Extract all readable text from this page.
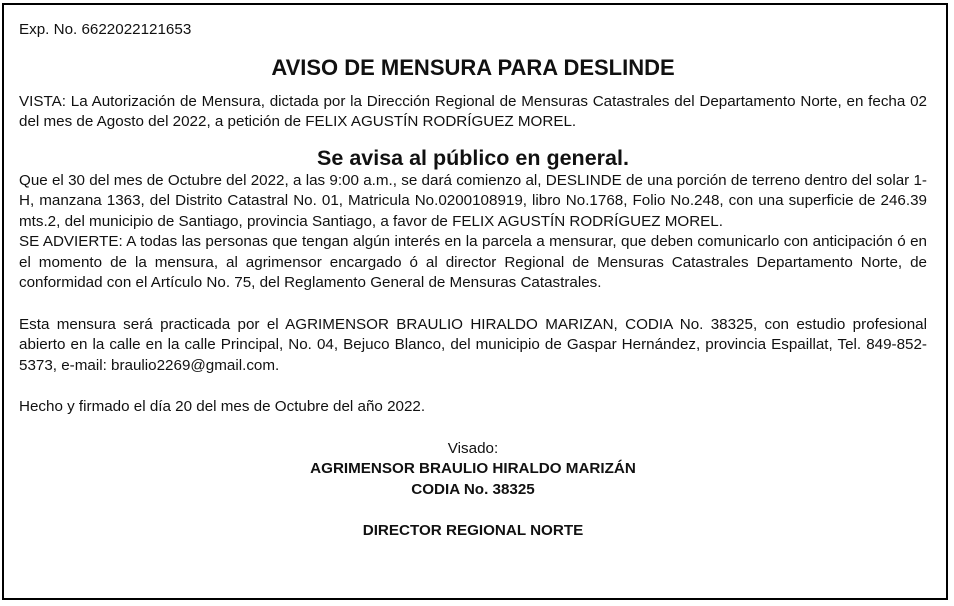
Exp. No. 6622022121653

AVISO DE MENSURA PARA DESLINDE

VISTA: La Autorización de Mensura, dictada por la Dirección Regional de Mensuras Catastrales del Departamento Norte, en fecha 02 del mes de Agosto del 2022, a petición de FELIX AGUSTÍN RODRÍGUEZ MOREL.

Se avisa al público en general.

Que el 30 del mes de Octubre del 2022, a las 9:00 a.m., se dará comienzo al, DESLINDE de una porción de terreno dentro del solar 1-H, manzana 1363, del Distrito Catastral No. 01, Matricula No.0200108919, libro No.1768, Folio No.248, con una superficie de 246.39 mts.2, del municipio de Santiago, provincia Santiago, a favor de FELIX AGUSTÍN RODRÍGUEZ MOREL.

SE ADVIERTE: A todas las personas que tengan algún interés en la parcela a mensurar, que deben comunicarlo con anticipación ó en el momento de la mensura, al agrimensor encargado ó al director Regional de Mensuras Catastrales Departamento Norte, de conformidad con el Artículo No. 75, del Reglamento General de Mensuras Catastrales.

Esta mensura será practicada por el AGRIMENSOR BRAULIO HIRALDO MARIZAN, CODIA No. 38325, con estudio profesional abierto en la calle en la calle Principal, No. 04, Bejuco Blanco, del municipio de Gaspar Hernández, provincia Espaillat, Tel. 849-852-5373, e-mail: braulio2269@gmail.com.

Hecho y firmado el día 20 del mes de Octubre del año 2022.

Visado:

AGRIMENSOR BRAULIO HIRALDO MARIZÁN

CODIA No. 38325

DIRECTOR REGIONAL NORTE
